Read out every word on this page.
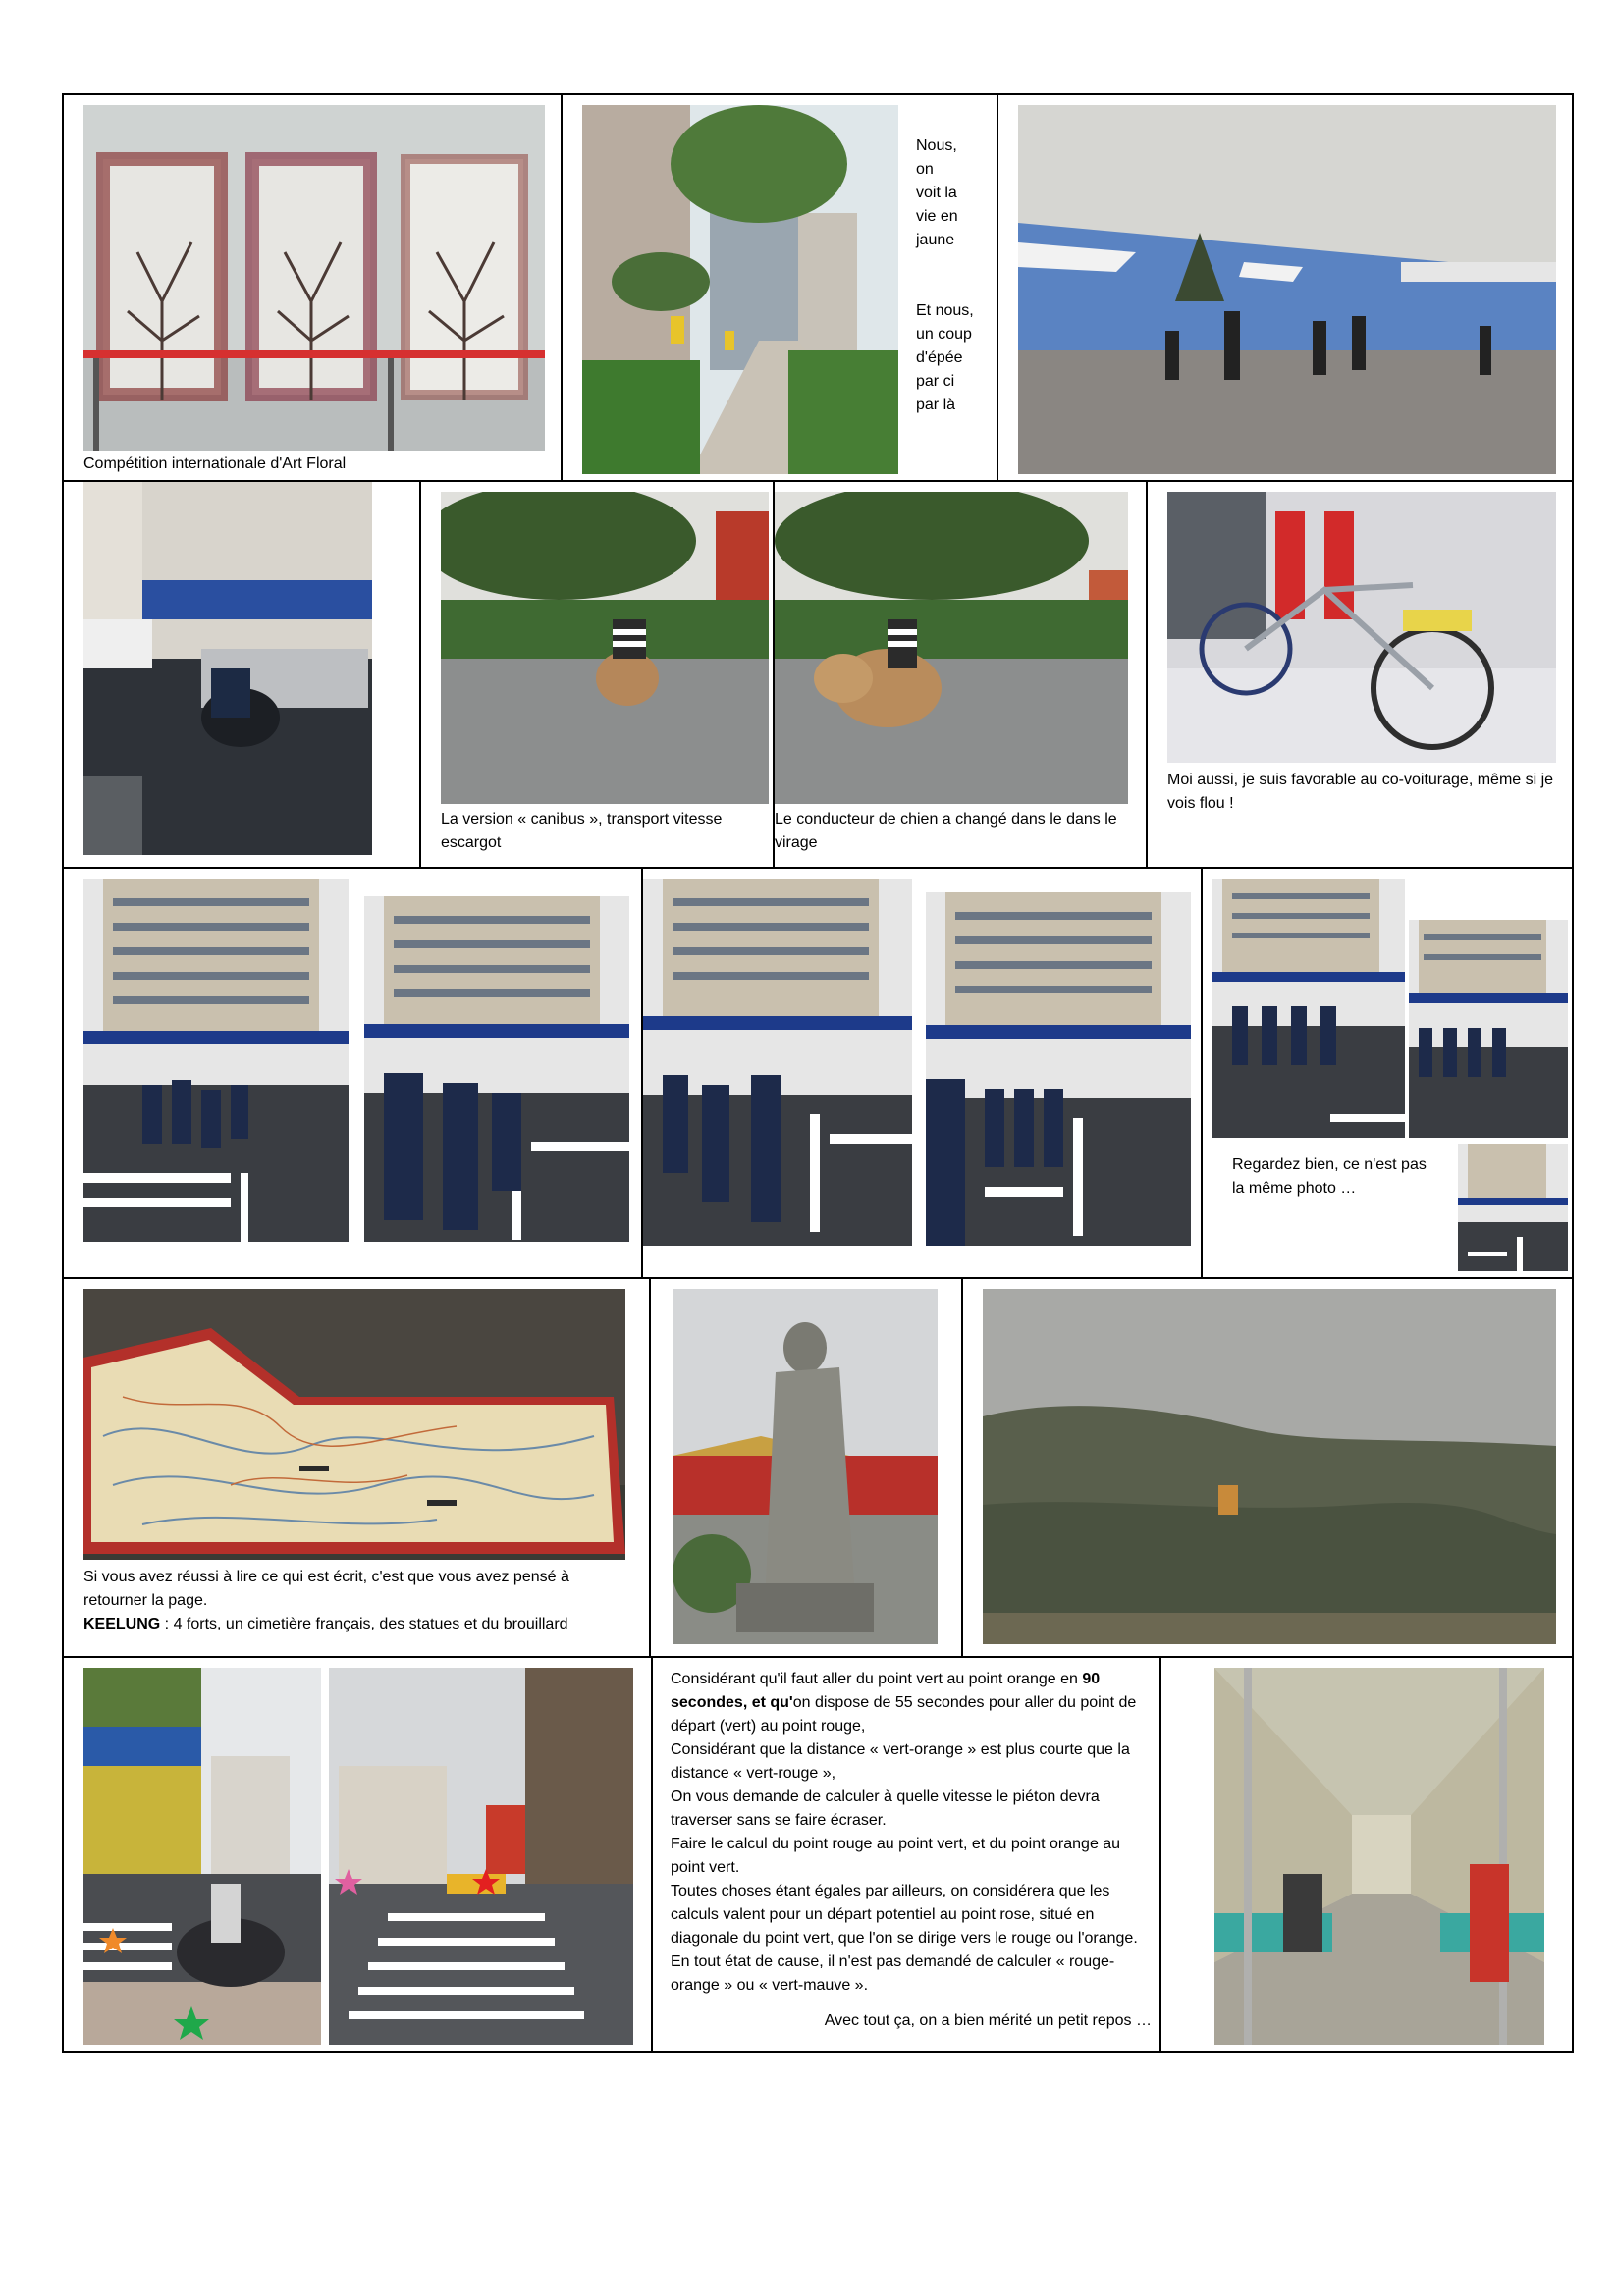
Compétition internationale d'Art Floral
Nous,
on
voit la
vie en
jaune
Et nous,
un coup
d'épée
par ci
par là
La version « canibus », transport vitesse escargot
Le conducteur de chien a changé dans le dans le virage
Moi aussi, je suis favorable au co-voiturage, même si je vois flou !
Regardez bien, ce n'est pas la même photo …
Si vous avez réussi à lire ce qui est écrit, c'est que vous avez pensé à retourner la page.
KEELUNG : 4 forts, un cimetière français, des statues et du brouillard
Considérant qu'il faut aller du point vert au point orange en 90 secondes, et qu'on dispose de 55 secondes pour aller du point de départ (vert) au point rouge,
Considérant que la distance « vert-orange » est plus courte que la distance « vert-rouge »,
On vous demande de calculer à quelle vitesse le piéton devra traverser sans se faire écraser.
Faire le calcul du point rouge au point vert, et du point orange au point vert.
Toutes choses étant égales par ailleurs, on considérera que les calculs valent pour un départ potentiel au point rose, situé en diagonale du point vert, que l'on se dirige vers le rouge ou l'orange. En tout état de cause, il n'est pas demandé de calculer « rouge-orange » ou « vert-mauve ».
Avec tout ça, on a bien mérité un petit repos …
